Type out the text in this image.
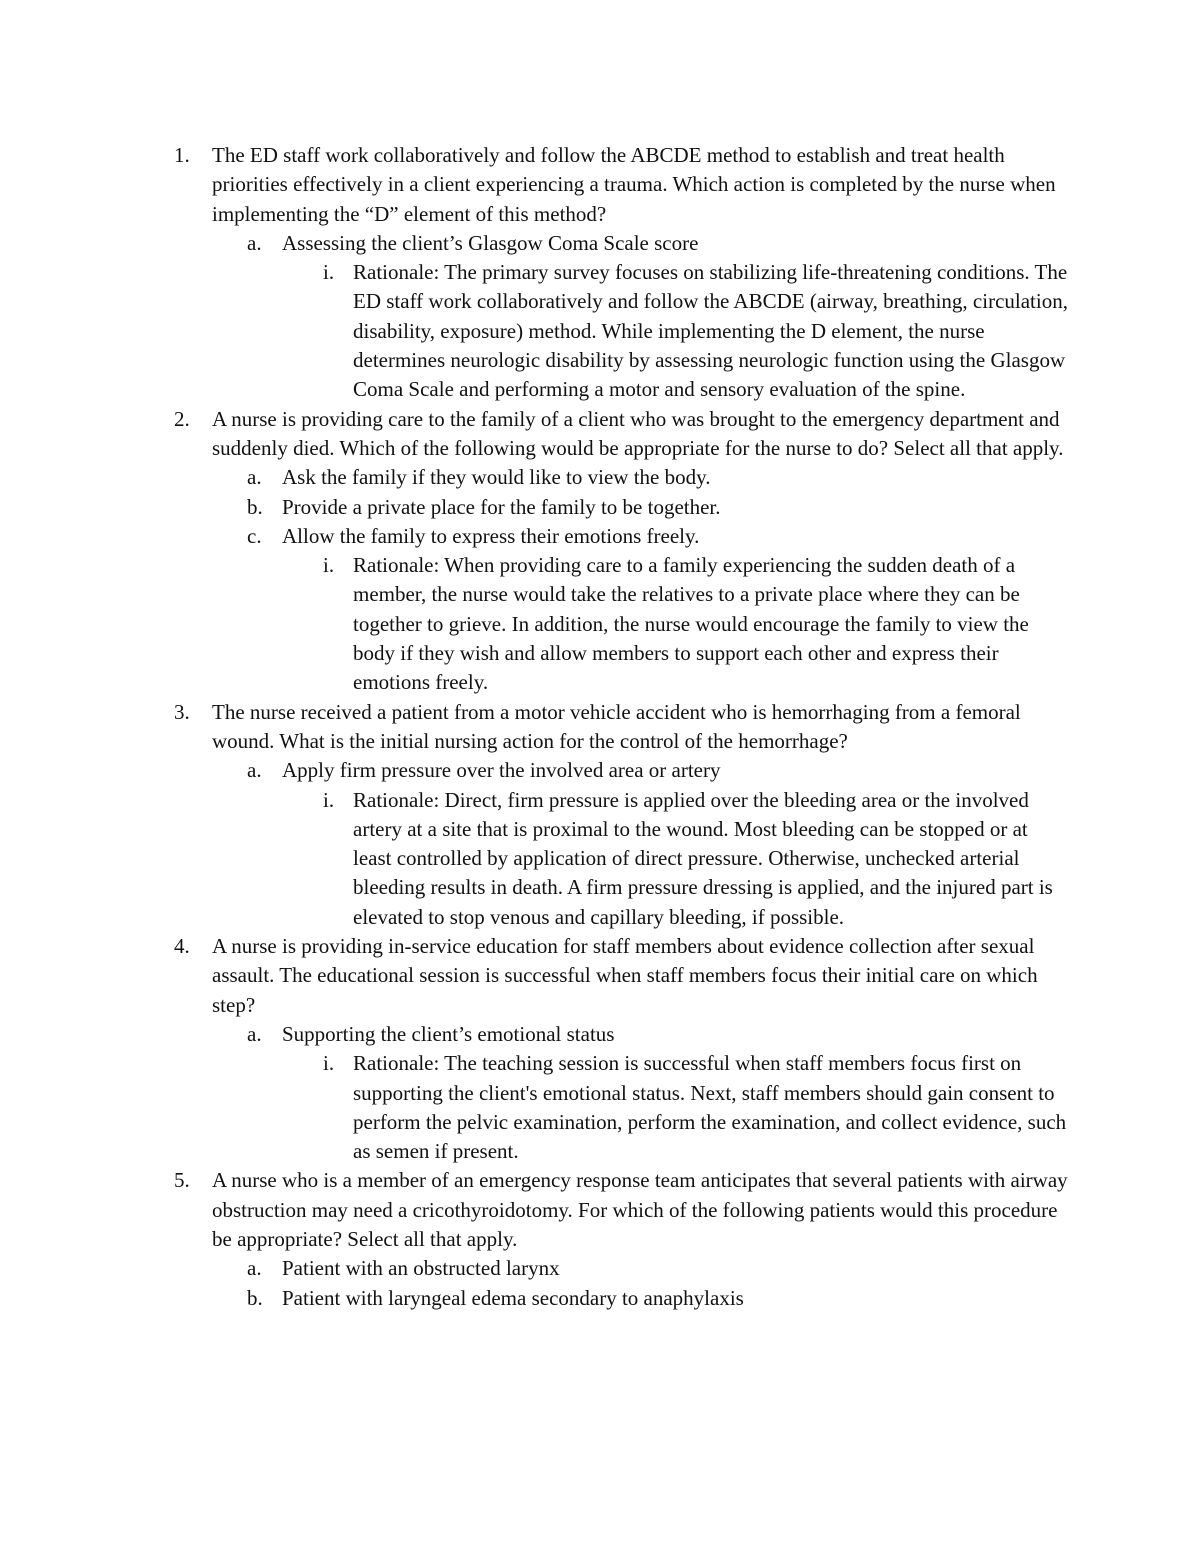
1. The ED staff work collaboratively and follow the ABCDE method to establish and treat health priorities effectively in a client experiencing a trauma. Which action is completed by the nurse when implementing the “D” element of this method?
a. Assessing the client’s Glasgow Coma Scale score
i. Rationale: The primary survey focuses on stabilizing life-threatening conditions. The ED staff work collaboratively and follow the ABCDE (airway, breathing, circulation, disability, exposure) method. While implementing the D element, the nurse determines neurologic disability by assessing neurologic function using the Glasgow Coma Scale and performing a motor and sensory evaluation of the spine.
2. A nurse is providing care to the family of a client who was brought to the emergency department and suddenly died. Which of the following would be appropriate for the nurse to do? Select all that apply.
a. Ask the family if they would like to view the body.
b. Provide a private place for the family to be together.
c. Allow the family to express their emotions freely.
i. Rationale: When providing care to a family experiencing the sudden death of a member, the nurse would take the relatives to a private place where they can be together to grieve. In addition, the nurse would encourage the family to view the body if they wish and allow members to support each other and express their emotions freely.
3. The nurse received a patient from a motor vehicle accident who is hemorrhaging from a femoral wound. What is the initial nursing action for the control of the hemorrhage?
a. Apply firm pressure over the involved area or artery
i. Rationale: Direct, firm pressure is applied over the bleeding area or the involved artery at a site that is proximal to the wound. Most bleeding can be stopped or at least controlled by application of direct pressure. Otherwise, unchecked arterial bleeding results in death. A firm pressure dressing is applied, and the injured part is elevated to stop venous and capillary bleeding, if possible.
4. A nurse is providing in-service education for staff members about evidence collection after sexual assault. The educational session is successful when staff members focus their initial care on which step?
a. Supporting the client’s emotional status
i. Rationale: The teaching session is successful when staff members focus first on supporting the client's emotional status. Next, staff members should gain consent to perform the pelvic examination, perform the examination, and collect evidence, such as semen if present.
5. A nurse who is a member of an emergency response team anticipates that several patients with airway obstruction may need a cricothyroidotomy. For which of the following patients would this procedure be appropriate? Select all that apply.
a. Patient with an obstructed larynx
b. Patient with laryngeal edema secondary to anaphylaxis
